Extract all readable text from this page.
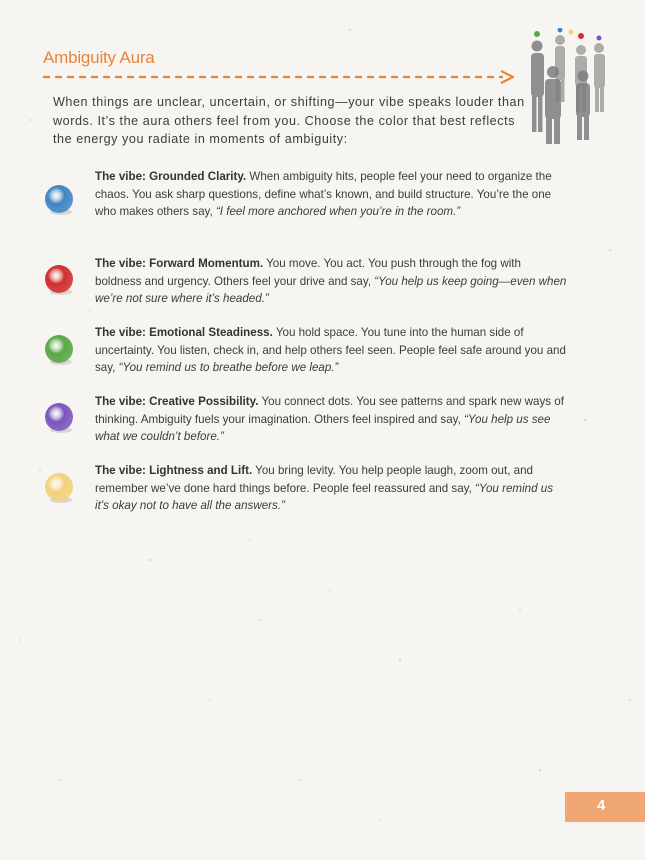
Ambiguity Aura
When things are unclear, uncertain, or shifting—your vibe speaks louder than words. It’s the aura others feel from you. Choose the color that best reflects the energy you radiate in moments of ambiguity:
The vibe: Grounded Clarity. When ambiguity hits, people feel your need to organize the chaos. You ask sharp questions, define what’s known, and build structure. You’re the one who makes others say, “I feel more anchored when you’re in the room.”
The vibe: Forward Momentum. You move. You act. You push through the fog with boldness and urgency. Others feel your drive and say, “You help us keep going—even when we’re not sure where it’s headed.”
The vibe: Emotional Steadiness. You hold space. You tune into the human side of uncertainty. You listen, check in, and help others feel seen. People feel safe around you and say, “You remind us to breathe before we leap.”
The vibe: Creative Possibility. You connect dots. You see patterns and spark new ways of thinking. Ambiguity fuels your imagination. Others feel inspired and say, “You help us see what we couldn’t before.”
The vibe: Lightness and Lift. You bring levity. You help people laugh, zoom out, and remember we’ve done hard things before. People feel reassured and say, “You remind us it’s okay not to have all the answers.”
4
